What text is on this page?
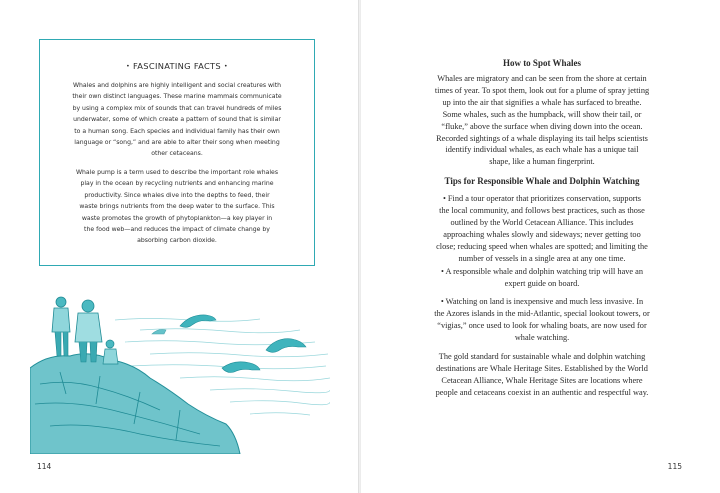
• FASCINATING FACTS •

Whales and dolphins are highly intelligent and social creatures with
their own distinct languages. These marine mammals communicate
by using a complex mix of sounds that can travel hundreds of miles
underwater, some of which create a pattern of sound that is similar
to a human song. Each species and individual family has their own
language or “song,” and are able to alter their song when meeting
other cetaceans.

Whale pump is a term used to describe the important role whales
play in the ocean by recycling nutrients and enhancing marine
productivity. Since whales dive into the depths to feed, their
waste brings nutrients from the deep water to the surface. This
waste promotes the growth of phytoplankton—a key player in
the food web—and reduces the impact of climate change by
absorbing carbon dioxide.

114
How to Spot Whales

Whales are migratory and can be seen from the shore at certain
times of year. To spot them, look out for a plume of spray jetting
up into the air that signifies a whale has surfaced to breathe.
Some whales, such as the humpback, will show their tail, or
“fluke,” above the surface when diving down into the ocean.
Recorded sightings of a whale displaying its tail helps scientists
identify individual whales, as each whale has a unique tail
shape, like a human fingerprint.

Tips for Responsible Whale and Dolphin Watching

• Find a tour operator that prioritizes conservation, supports
the local community, and follows best practices, such as those
outlined by the World Cetacean Alliance. This includes
approaching whales slowly and sideways; never getting too
close; reducing speed when whales are spotted; and limiting the
number of vessels in a single area at any one time.

• A responsible whale and dolphin watching trip will have an
expert guide on board.

• Watching on land is inexpensive and much less invasive. In
the Azores islands in the mid-Atlantic, special lookout towers, or
“vigias,” once used to look for whaling boats, are now used for
whale watching.

The gold standard for sustainable whale and dolphin watching
destinations are Whale Heritage Sites. Established by the World
Cetacean Alliance, Whale Heritage Sites are locations where
people and cetaceans coexist in an authentic and respectful way.

115
